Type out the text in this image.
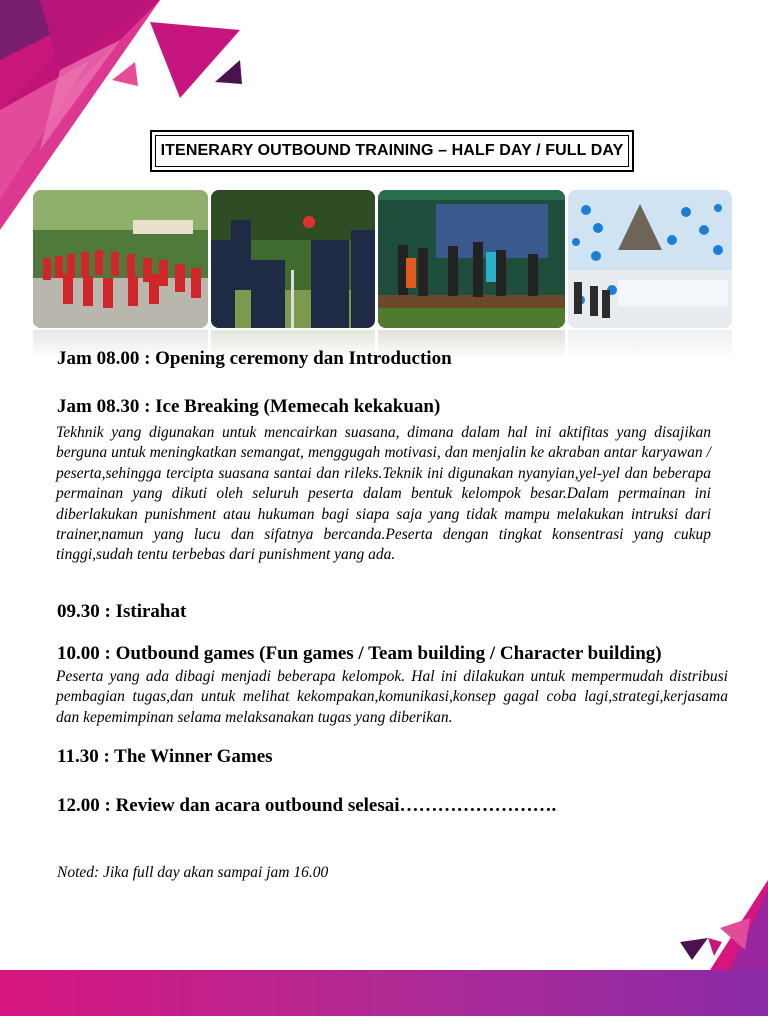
ITENERARY OUTBOUND TRAINING – HALF DAY / FULL DAY
Jam 08.00 : Opening ceremony dan Introduction
Jam 08.30 : Ice Breaking (Memecah kekakuan)
Tekhnik yang digunakan untuk mencairkan suasana, dimana dalam hal ini aktifitas yang disajikan berguna untuk meningkatkan semangat, menggugah motivasi, dan menjalin ke akraban antar karyawan / peserta,sehingga tercipta suasana santai dan rileks.Teknik ini digunakan nyanyian,yel-yel dan beberapa permainan yang dikuti oleh seluruh peserta dalam bentuk kelompok besar.Dalam permainan ini diberlakukan punishment atau hukuman bagi siapa saja yang tidak mampu melakukan intruksi dari trainer,namun yang lucu dan sifatnya bercanda.Peserta dengan tingkat konsentrasi yang cukup tinggi,sudah tentu terbebas dari punishment yang ada.
09.30 : Istirahat
10.00 : Outbound games (Fun games / Team building / Character building)
Peserta yang ada dibagi menjadi beberapa kelompok. Hal ini dilakukan untuk mempermudah distribusi pembagian tugas,dan untuk melihat kekompakan,komunikasi,konsep gagal coba lagi,strategi,kerjasama dan kepemimpinan selama melaksanakan tugas yang diberikan.
11.30 : The Winner Games
12.00 : Review dan acara outbound selesai…………………….
Noted: Jika full day akan sampai jam 16.00
